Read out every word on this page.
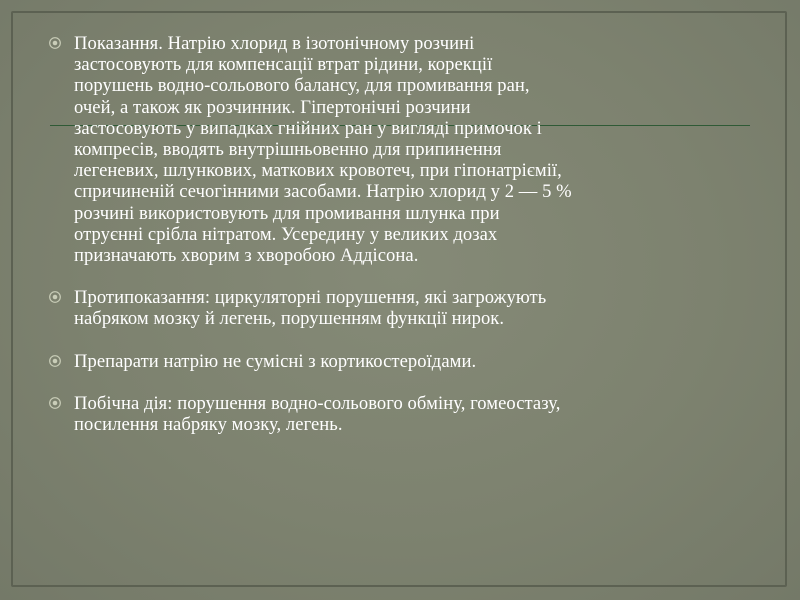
Показання. Натрію хлорид в ізотонічному розчині
застосовують для компенсації втрат рідини, корекції
порушень водно-сольового балансу, для промивання ран,
очей, а також як розчинник. Гіпертонічні розчини
застосовують у випадках гнійних ран у вигляді примочок і
компресів, вводять внутрішньовенно для припинення
легеневих, шлункових, маткових кровотеч, при гіпонатріємії,
спричиненій сечогінними засобами. Натрію хлорид у 2 — 5 %
розчині використовують для промивання шлунка при
отруєнні срібла нітратом. Усередину у великих дозах
призначають хворим з хворобою Аддісона.
Протипоказання: циркуляторні порушення, які загрожують
набряком мозку й легень, порушенням функції нирок.
Препарати натрію не сумісні з кортикостероїдами.
Побічна дія: порушення водно-сольового обміну, гомеостазу,
посилення набряку мозку, легень.
